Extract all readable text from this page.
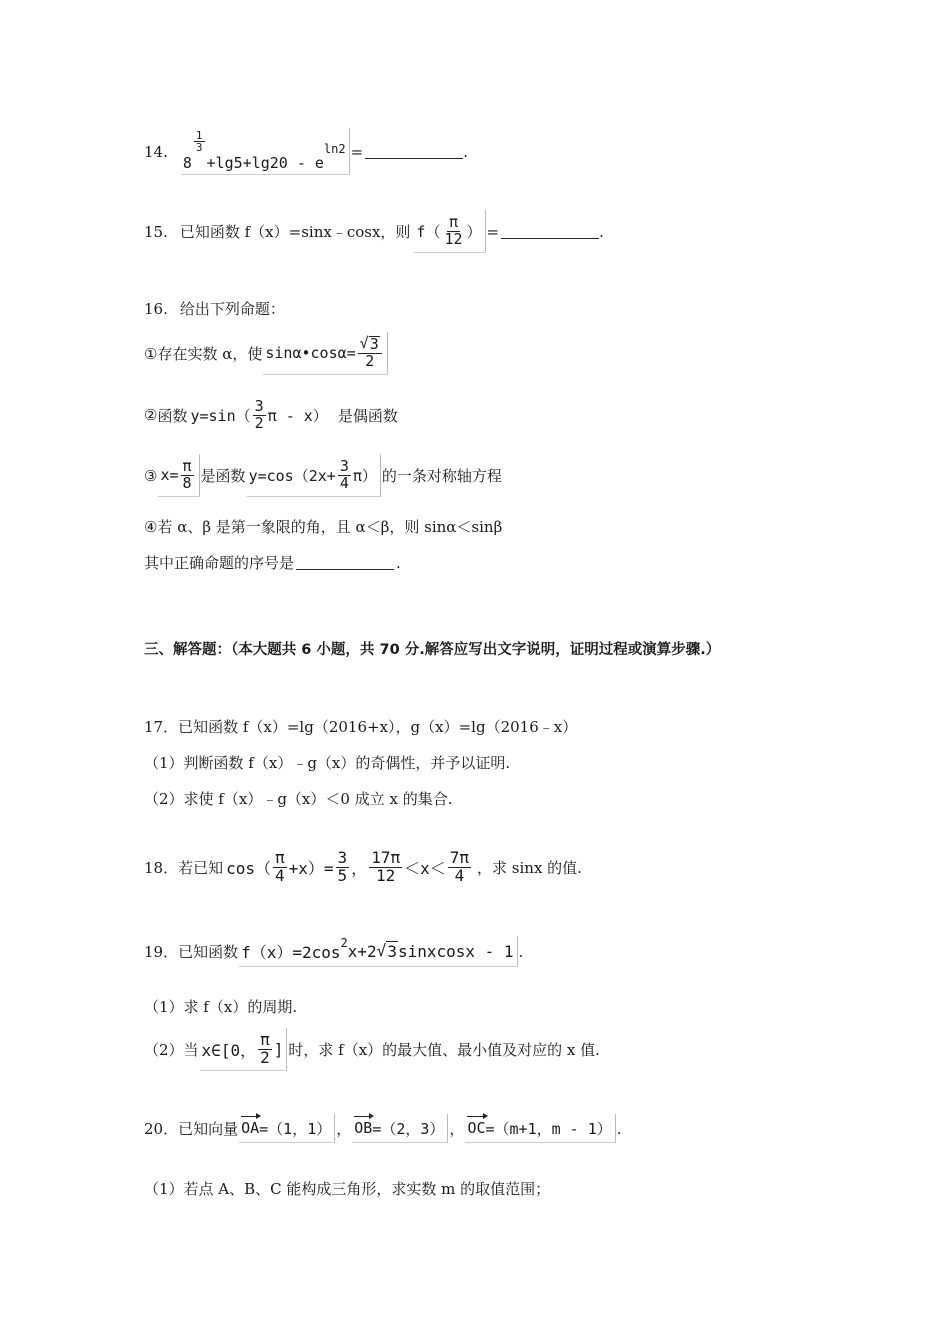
14.
8
$\frac{1}{3}$
+lg5+lg20 - e
ln2 =	.
15. 已知函数 f（x）=sinx﹣cosx，则 $f( \frac{\pi}{12}$ ） =	.
16. 给出下列命题：
① 存在实数 α，使 sinα•cosα= $\frac{√ 3}{2}$
② 函数 $y=\sin( \frac{3}{2}$ π - x） 是偶函数
③ $x= \frac{\pi}{8}$ 是函数 $y=\cos(2x+ \frac{3}{4} \pi)$ 的一条对称轴方程
④ 若 α、β 是第一象限的角，且 α＜β，则 sinα＜sinβ
其中正确命题的序号是	.
三、解答题：（本大题共 6 小题，共 70 分.解答应写出文字说明，证明过程或演算步骤.）
17．已知函数 f（x）=lg（2016+x），g（x）=lg（2016﹣x）
（1）判断函数 f（x）﹣g（x）的奇偶性，并予以证明.
（2）求使 f（x）﹣g（x）＜0 成立 x 的集合.
18．若已知 $\cos( \frac{\pi}{4} +x)= \frac{3}{5}$ ， $\frac{17\pi}{12} <x< \frac{7\pi}{4}$ ，求 sinx 的值.
19．已知函数 f（x）=2cos 2 x+2 √ 3 sinxcosx - 1 .
（1）求 f（x）的周期.
（2）当 x∈[0， $\frac{\pi}{2}$ ] 时，求 f（x）的最大值、最小值及对应的 x 值.
20．已知向量 OA =（1，1） ， OB =（2，3） ， OC =（m+1，m - 1） .
（1）若点 A、B、C 能构成三角形，求实数 m 的取值范围；
